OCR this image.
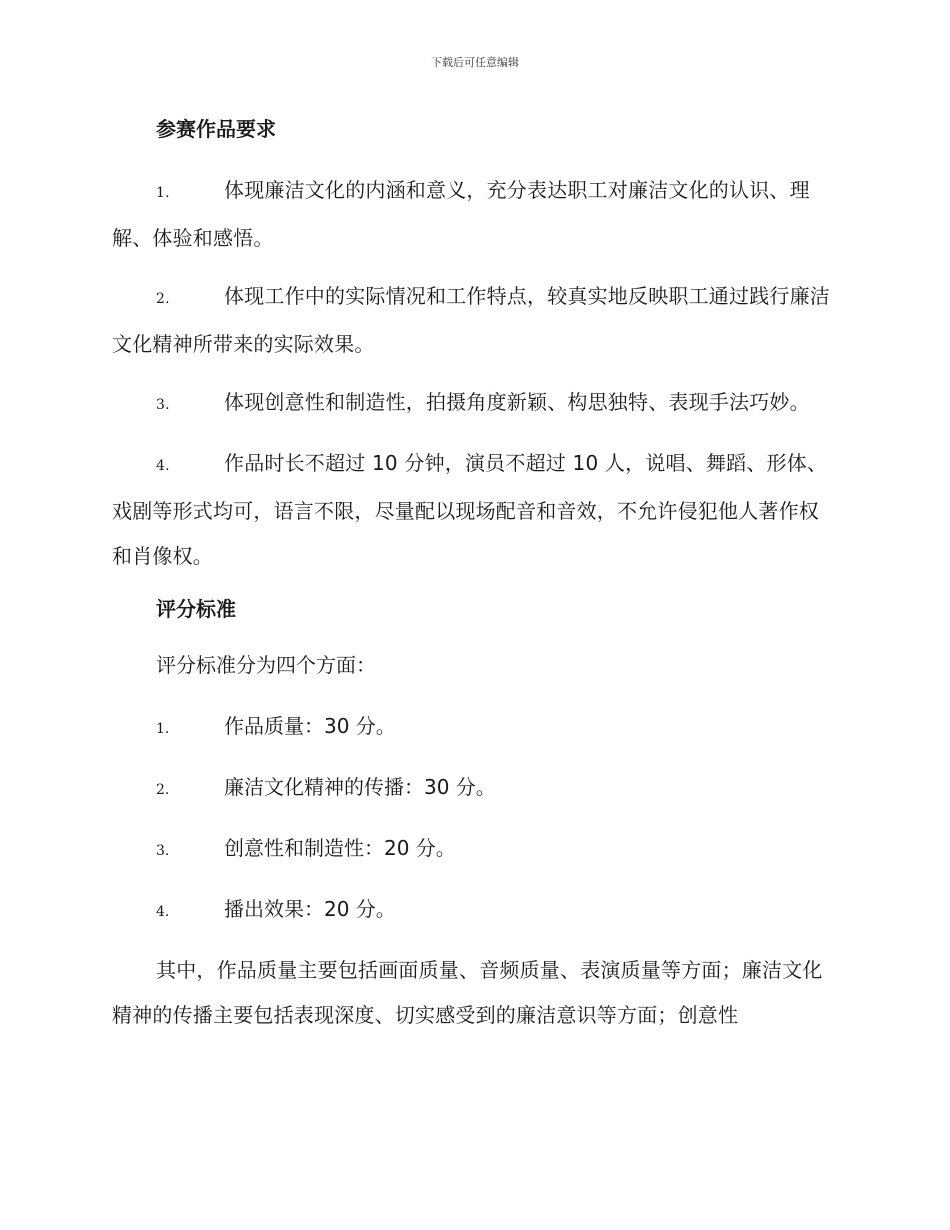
下载后可任意编辑
参赛作品要求

1.	体现廉洁文化的内涵和意义，充分表达职工对廉洁文化的认识、理解、体验和感悟。

2.	体现工作中的实际情况和工作特点，较真实地反映职工通过践行廉洁文化精神所带来的实际效果。

3.	体现创意性和制造性，拍摄角度新颖、构思独特、表现手法巧妙。

4.	作品时长不超过 10 分钟，演员不超过 10 人，说唱、舞蹈、形体、戏剧等形式均可，语言不限，尽量配以现场配音和音效，不允许侵犯他人著作权和肖像权。

评分标准
评分标准分为四个方面：
1.	作品质量：30 分。
2.	廉洁文化精神的传播：30 分。
3.	创意性和制造性：20 分。
4.	播出效果：20 分。

其中，作品质量主要包括画面质量、音频质量、表演质量等方面；廉洁文化精神的传播主要包括表现深度、切实感受到的廉洁意识等方面；创意性
